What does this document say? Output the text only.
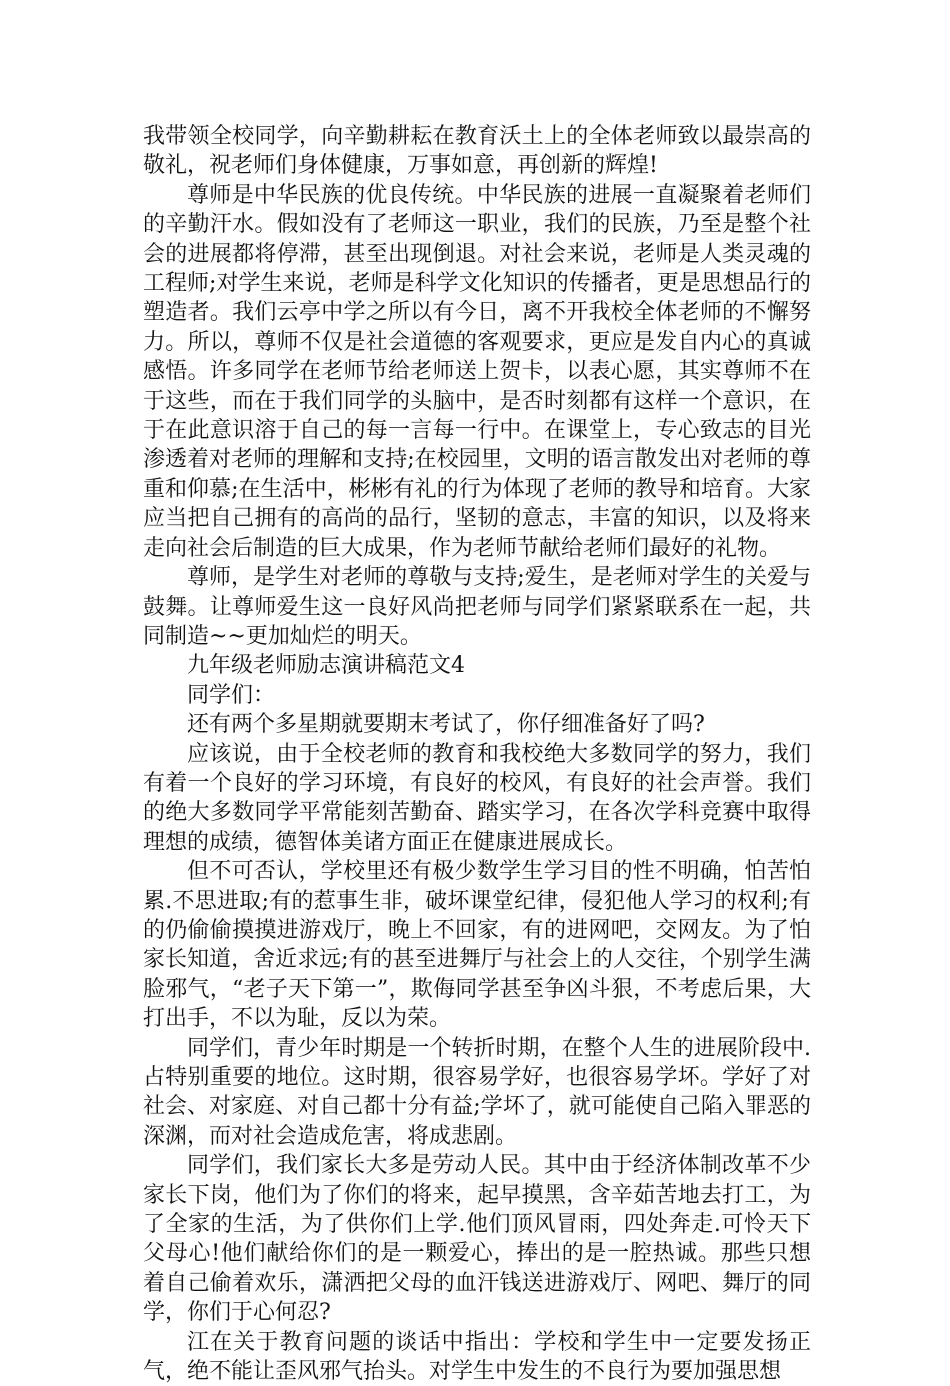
我带领全校同学，向辛勤耕耘在教育沃土上的全体老师致以最崇高的敬礼，祝老师们身体健康，万事如意，再创新的辉煌!

尊师是中华民族的优良传统。中华民族的进展一直凝聚着老师们的辛勤汗水。假如没有了老师这一职业，我们的民族，乃至是整个社会的进展都将停滞，甚至出现倒退。对社会来说，老师是人类灵魂的工程师;对学生来说，老师是科学文化知识的传播者，更是思想品行的塑造者。我们云亭中学之所以有今日，离不开我校全体老师的不懈努力。所以，尊师不仅是社会道德的客观要求，更应是发自内心的真诚感悟。许多同学在老师节给老师送上贺卡，以表心愿，其实尊师不在于这些，而在于我们同学的头脑中，是否时刻都有这样一个意识，在于在此意识溶于自己的每一言每一行中。在课堂上，专心致志的目光渗透着对老师的理解和支持;在校园里，文明的语言散发出对老师的尊重和仰慕;在生活中，彬彬有礼的行为体现了老师的教导和培育。大家应当把自己拥有的高尚的品行，坚韧的意志，丰富的知识，以及将来走向社会后制造的巨大成果，作为老师节献给老师们最好的礼物。

尊师，是学生对老师的尊敬与支持;爱生，是老师对学生的关爱与鼓舞。让尊师爱生这一良好风尚把老师与同学们紧紧联系在一起，共同制造~~更加灿烂的明天。

九年级老师励志演讲稿范文4

同学们：

还有两个多星期就要期末考试了，你仔细准备好了吗?

应该说，由于全校老师的教育和我校绝大多数同学的努力，我们有着一个良好的学习环境，有良好的校风，有良好的社会声誉。我们的绝大多数同学平常能刻苦勤奋、踏实学习，在各次学科竞赛中取得理想的成绩，德智体美诸方面正在健康进展成长。

但不可否认，学校里还有极少数学生学习目的性不明确，怕苦怕累.不思进取;有的惹事生非，破坏课堂纪律，侵犯他人学习的权利;有的仍偷偷摸摸进游戏厅，晚上不回家，有的进网吧，交网友。为了怕家长知道，舍近求远;有的甚至进舞厅与社会上的人交往，个别学生满脸邪气，“老子天下第一”，欺侮同学甚至争凶斗狠，不考虑后果，大打出手，不以为耻，反以为荣。

同学们，青少年时期是一个转折时期，在整个人生的进展阶段中.占特别重要的地位。这时期，很容易学好，也很容易学坏。学好了对社会、对家庭、对自己都十分有益;学坏了，就可能使自己陷入罪恶的深渊，而对社会造成危害，将成悲剧。

同学们，我们家长大多是劳动人民。其中由于经济体制改革不少家长下岗，他们为了你们的将来，起早摸黑，含辛茹苦地去打工，为了全家的生活，为了供你们上学.他们顶风冒雨，四处奔走.可怜天下父母心!他们献给你们的是一颗爱心，捧出的是一腔热诚。那些只想着自己偷着欢乐，潇洒把父母的血汗钱送进游戏厅、网吧、舞厅的同学，你们于心何忍?

江在关于教育问题的谈话中指出：学校和学生中一定要发扬正气，绝不能让歪风邪气抬头。对学生中发生的不良行为要加强思想
